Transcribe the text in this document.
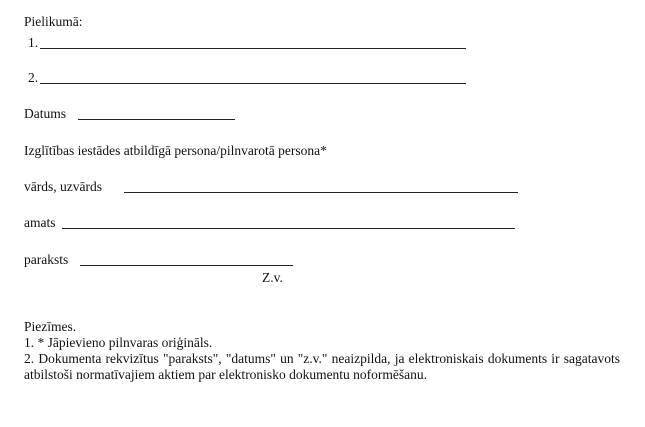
Pielikumā:
1.
2.
Datums
Izglītības iestādes atbildīgā persona/pilnvarotā persona*
vārds, uzvārds
amats
paraksts
Z.v.
Piezīmes.
1. * Jāpievieno pilnvaras oriģināls.
2. Dokumenta rekvizītus "paraksts", "datums" un "z.v." neaizpilda, ja elektroniskais dokuments ir sagatavots atbilstoši normatīvajiem aktiem par elektronisko dokumentu noformēšanu.
